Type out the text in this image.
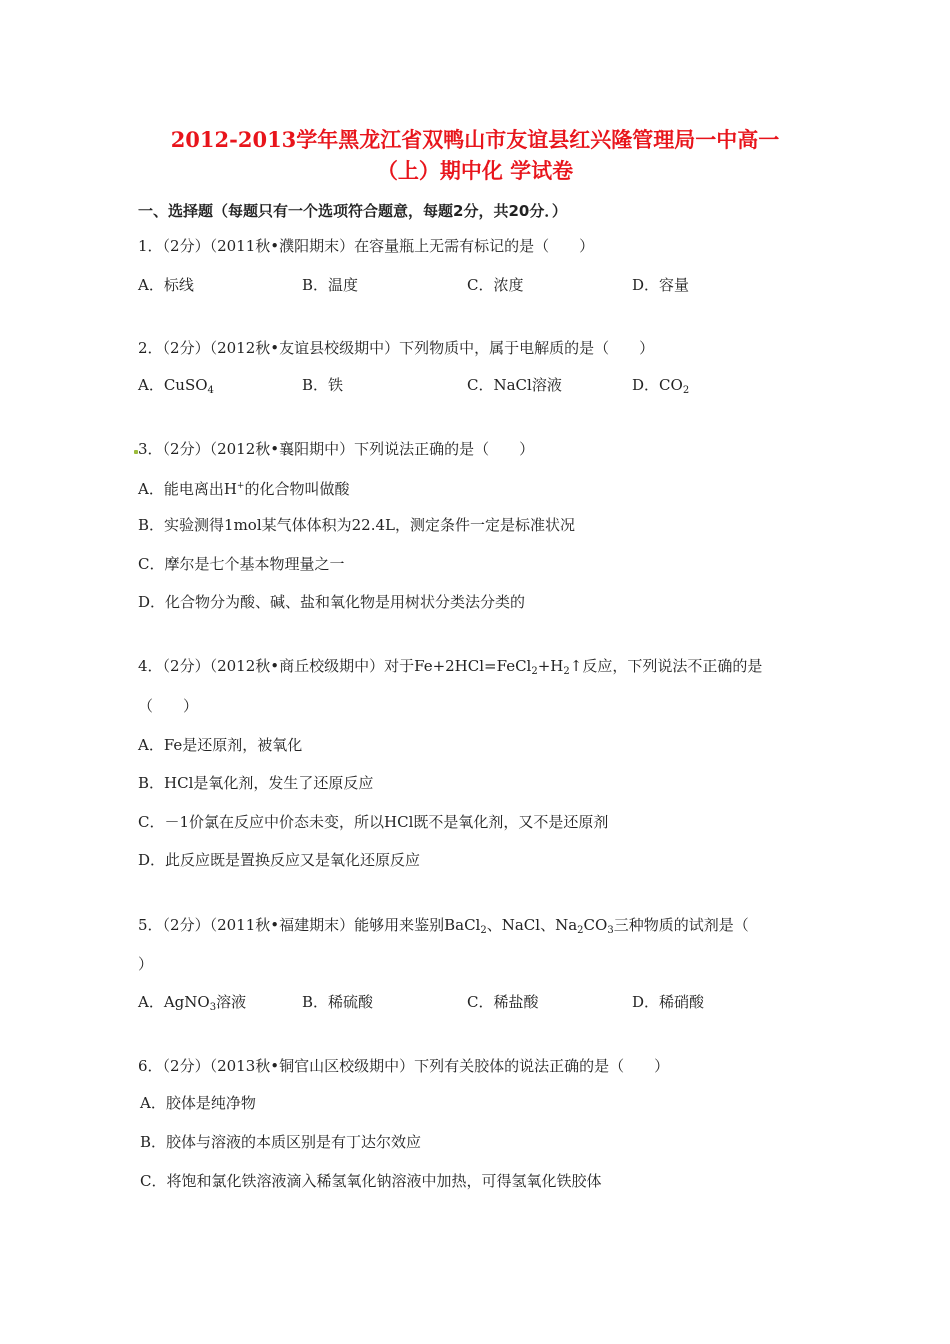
2012-2013学年黑龙江省双鸭山市友谊县红兴隆管理局一中高一
（上）期中化 学试卷
一、选择题（每题只有一个选项符合题意，每题2分，共20分．）
1．（2分）（2011秋•濮阳期末）在容量瓶上无需有标记的是（　　）
A．标线	B．温度	C．浓度	D．容量
2．（2分）（2012秋•友谊县校级期中）下列物质中，属于电解质的是（　　）
A．CuSO$_4$	B．铁	C．NaCl溶液	D．$CO_2$
3．（2分）（2012秋•襄阳期中）下列说法正确的是（　　）
A．能电离出H+的化合物叫做酸
B．实验测得1mol某气体体积为22.4L，测定条件一定是标准状况
C．摩尔是七个基本物理量之一
D．化合物分为酸、碱、盐和氧化物是用树状分类法分类的
4．（2分）（2012秋•商丘校级期中）对于$Fe+2HCl=FeCl_2+H_2↑$反应，下列说法不正确的是
（　　）
A．Fe是还原剂，被氧化
B．HCl是氧化剂，发生了还原反应
C．－1价氯在反应中价态未变，所以HCl既不是氧化剂，又不是还原剂
D．此反应既是置换反应又是氧化还原反应
5．（2分）（2011秋•福建期末）能够用来鉴别BaCl$_2$、NaCl、$Na_2CO_3$三种物质的试剂是（
）
A．AgNO$_3$溶液	B．稀硫酸	C．稀盐酸	D．稀硝酸
6．（2分）（2013秋•铜官山区校级期中）下列有关胶体的说法正确的是（　　）
A．胶体是纯净物
B．胶体与溶液的本质区别是有丁达尔效应
C．将饱和氯化铁溶液滴入稀氢氧化钠溶液中加热，可得氢氧化铁胶体
